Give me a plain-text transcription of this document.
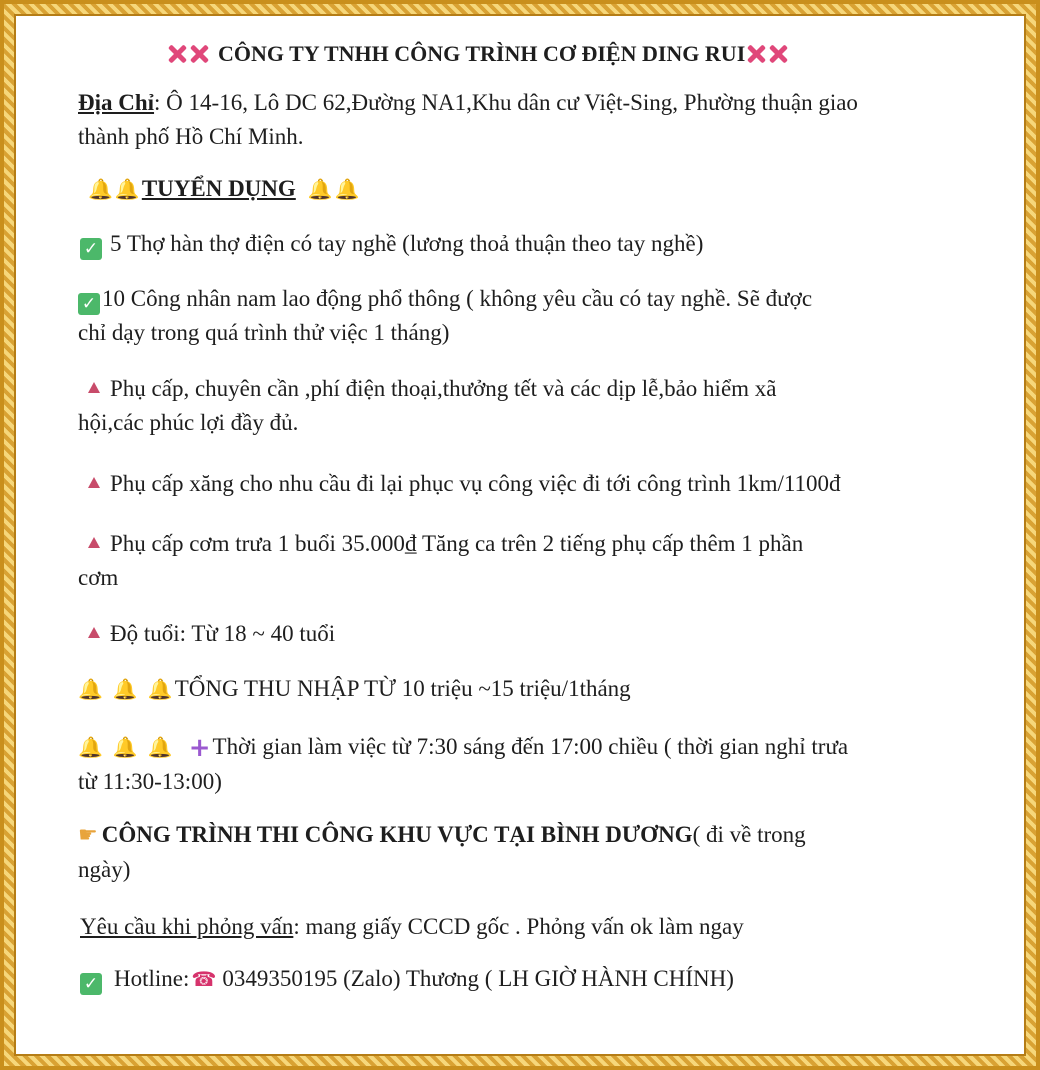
CÔNG TY TNHH CÔNG TRÌNH CƠ ĐIỆN DING RUI
Địa Chỉ: Ô 14-16, Lô DC 62,Đường NA1,Khu dân cư Việt-Sing, Phường thuận giao
thành phố Hồ Chí Minh.
🔔 🔔TUYỂN DỤNG 🔔 🔔
✓ 5 Thợ hàn thợ điện có tay nghề (lương thoả thuận theo tay nghề)
✓ 10 Công nhân nam lao động phổ thông ( không yêu cầu có tay nghề. Sẽ được
chỉ dạy trong quá trình thử việc 1 tháng)
Phụ cấp, chuyên cần ,phí điện thoại,thưởng tết và các dịp lễ,bảo hiểm xã
hội,các phúc lợi đầy đủ.
Phụ cấp xăng cho nhu cầu đi lại phục vụ công việc đi tới công trình 1km/1100đ
Phụ cấp cơm trưa 1 buổi 35.000₫ Tăng ca trên 2 tiếng phụ cấp thêm 1 phần
cơm
Độ tuổi: Từ 18 ~ 40 tuổi
🔔 🔔 🔔TỔNG THU NHẬP TỪ 10 triệu ~15 triệu/1tháng
🔔 🔔 🔔 +Thời gian làm việc từ 7:30 sáng đến 17:00 chiều ( thời gian nghỉ trưa
từ 11:30-13:00)
☛ CÔNG TRÌNH THI CÔNG KHU VỰC TẠI BÌNH DƯƠNG( đi về trong
ngày)
Yêu cầu khi phỏng vấn: mang giấy CCCD gốc . Phỏng vấn ok làm ngay
✓ Hotline: ☎ 0349350195 (Zalo) Thương ( LH GIỜ HÀNH CHÍNH)
